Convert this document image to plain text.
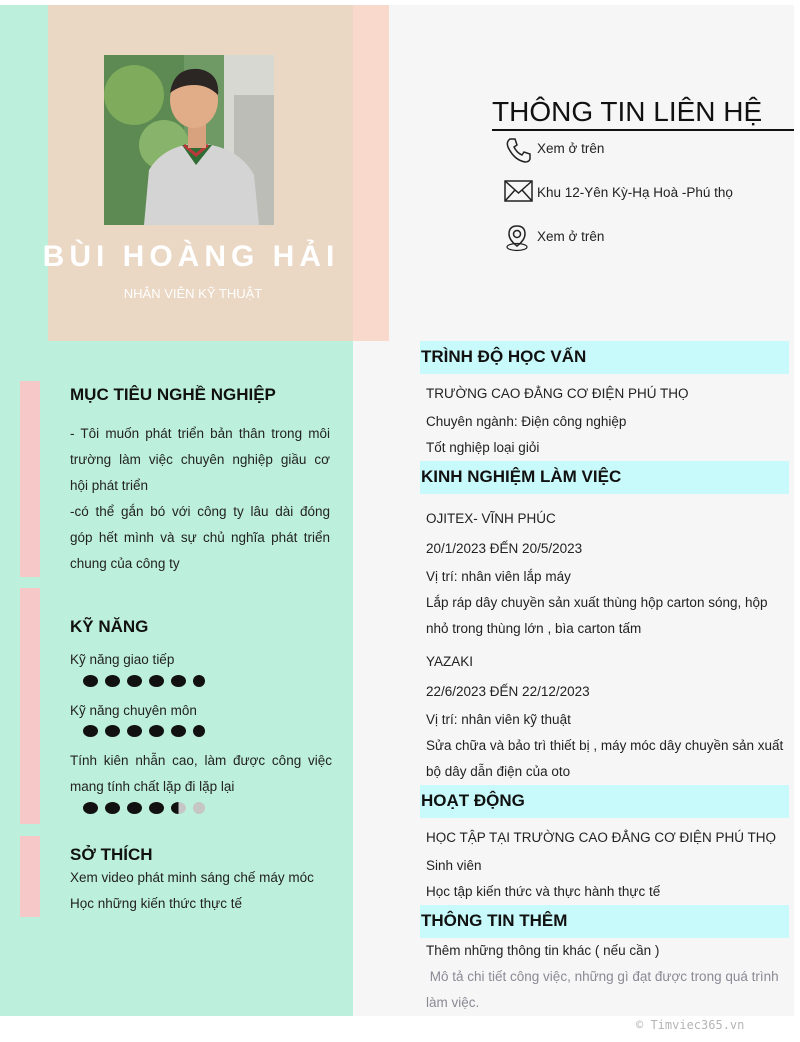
BÙI HOÀNG HẢI
NHÂN VIÊN KỸ THUẬT
THÔNG TIN LIÊN HỆ
Xem ở trên
Khu 12-Yên Kỳ-Hạ Hoà -Phú thọ
Xem ở trên
MỤC TIÊU NGHỀ NGHIỆP
- Tôi muốn phát triển bản thân trong môi
trường làm việc chuyên nghiệp giầu cơ
hội phát triển
-có thể gắn bó với công ty lâu dài đóng
góp hết mình và sự chủ nghĩa phát triển
chung của công ty
KỸ NĂNG
Kỹ năng giao tiếp
Kỹ năng chuyên môn
Tính kiên nhẫn cao, làm được công việc
mang tính chất lặp đi lặp lại
SỞ THÍCH
Xem video phát minh sáng chế máy móc
Học những kiến thức thực tế
TRÌNH ĐỘ HỌC VẤN
TRƯỜNG CAO ĐẲNG CƠ ĐIỆN PHÚ THỌ
Chuyên ngành: Điện công nghiệp
Tốt nghiệp loại giỏi
KINH NGHIỆM LÀM VIỆC
OJITEX- VĨNH PHÚC
20/1/2023 ĐẾN 20/5/2023
Vị trí: nhân viên lắp máy
Lắp ráp dây chuyền sản xuất thùng hộp carton sóng, hộp
nhỏ trong thùng lớn , bìa carton tấm
YAZAKI
22/6/2023 ĐẾN 22/12/2023
Vị trí: nhân viên kỹ thuật
Sửa chữa và bảo trì thiết bị , máy móc dây chuyền sản xuất
bộ dây dẫn điện của oto
HOẠT ĐỘNG
HỌC TẬP TẠI TRƯỜNG CAO ĐẲNG CƠ ĐIỆN PHÚ THỌ
Sinh viên
Học tập kiến thức và thực hành thực tế
THÔNG TIN THÊM
Thêm những thông tin khác ( nếu cần )
Mô tả chi tiết công việc, những gì đạt được trong quá trình
làm việc.
© Timviec365.vn
